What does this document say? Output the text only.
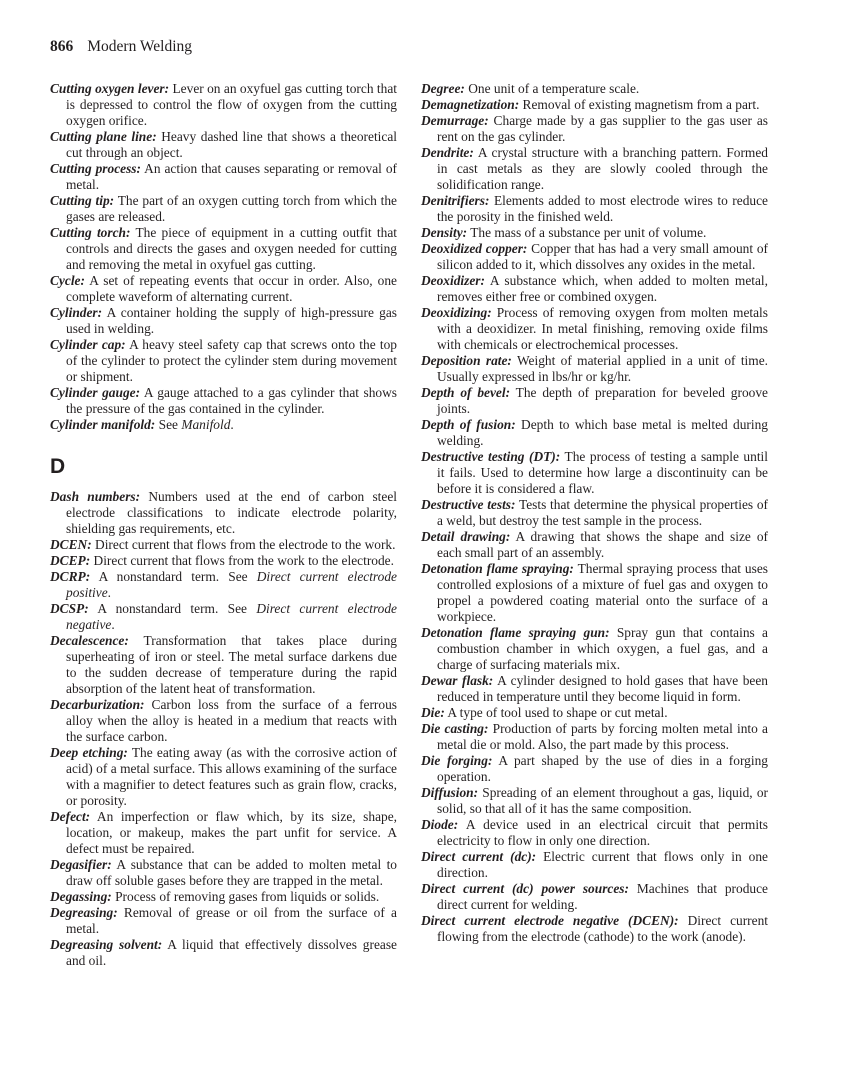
866 Modern Welding

Cutting oxygen lever: Lever on an oxyfuel gas cutting torch that is depressed to control the flow of oxygen from the cutting oxygen orifice.

Cutting plane line: Heavy dashed line that shows a theoretical cut through an object.

Cutting process: An action that causes separating or removal of metal.

Cutting tip: The part of an oxygen cutting torch from which the gases are released.

Cutting torch: The piece of equipment in a cutting outfit that controls and directs the gases and oxygen needed for cutting and removing the metal in oxyfuel gas cutting.

Cycle: A set of repeating events that occur in order. Also, one complete waveform of alternating current.

Cylinder: A container holding the supply of high-pressure gas used in welding.

Cylinder cap: A heavy steel safety cap that screws onto the top of the cylinder to protect the cylinder stem during movement or shipment.

Cylinder gauge: A gauge attached to a gas cylinder that shows the pressure of the gas contained in the cylinder.

Cylinder manifold: See Manifold.

D

Dash numbers: Numbers used at the end of carbon steel electrode classifications to indicate electrode polarity, shielding gas requirements, etc.

DCEN: Direct current that flows from the electrode to the work.

DCEP: Direct current that flows from the work to the electrode.

DCRP: A nonstandard term. See Direct current electrode positive.

DCSP: A nonstandard term. See Direct current electrode negative.

Decalescence: Transformation that takes place during superheating of iron or steel. The metal surface darkens due to the sudden decrease of temperature during the rapid absorption of the latent heat of transformation.

Decarburization: Carbon loss from the surface of a ferrous alloy when the alloy is heated in a medium that reacts with the surface carbon.

Deep etching: The eating away (as with the corrosive action of acid) of a metal surface. This allows examining of the surface with a magnifier to detect features such as grain flow, cracks, or porosity.

Defect: An imperfection or flaw which, by its size, shape, location, or makeup, makes the part unfit for service. A defect must be repaired.

Degasifier: A substance that can be added to molten metal to draw off soluble gases before they are trapped in the metal.

Degassing: Process of removing gases from liquids or solids.

Degreasing: Removal of grease or oil from the surface of a metal.

Degreasing solvent: A liquid that effectively dissolves grease and oil.

Degree: One unit of a temperature scale.

Demagnetization: Removal of existing magnetism from a part.

Demurrage: Charge made by a gas supplier to the gas user as rent on the gas cylinder.

Dendrite: A crystal structure with a branching pattern. Formed in cast metals as they are slowly cooled through the solidification range.

Denitrifiers: Elements added to most electrode wires to reduce the porosity in the finished weld.

Density: The mass of a substance per unit of volume.

Deoxidized copper: Copper that has had a very small amount of silicon added to it, which dissolves any oxides in the metal.

Deoxidizer: A substance which, when added to molten metal, removes either free or combined oxygen.

Deoxidizing: Process of removing oxygen from molten metals with a deoxidizer. In metal finishing, removing oxide films with chemicals or electrochemical processes.

Deposition rate: Weight of material applied in a unit of time. Usually expressed in lbs/hr or kg/hr.

Depth of bevel: The depth of preparation for beveled groove joints.

Depth of fusion: Depth to which base metal is melted during welding.

Destructive testing (DT): The process of testing a sample until it fails. Used to determine how large a discontinuity can be before it is considered a flaw.

Destructive tests: Tests that determine the physical properties of a weld, but destroy the test sample in the process.

Detail drawing: A drawing that shows the shape and size of each small part of an assembly.

Detonation flame spraying: Thermal spraying process that uses controlled explosions of a mixture of fuel gas and oxygen to propel a powdered coating material onto the surface of a workpiece.

Detonation flame spraying gun: Spray gun that contains a combustion chamber in which oxygen, a fuel gas, and a charge of surfacing materials mix.

Dewar flask: A cylinder designed to hold gases that have been reduced in temperature until they become liquid in form.

Die: A type of tool used to shape or cut metal.

Die casting: Production of parts by forcing molten metal into a metal die or mold. Also, the part made by this process.

Die forging: A part shaped by the use of dies in a forging operation.

Diffusion: Spreading of an element throughout a gas, liquid, or solid, so that all of it has the same composition.

Diode: A device used in an electrical circuit that permits electricity to flow in only one direction.

Direct current (dc): Electric current that flows only in one direction.

Direct current (dc) power sources: Machines that produce direct current for welding.

Direct current electrode negative (DCEN): Direct current flowing from the electrode (cathode) to the work (anode).
